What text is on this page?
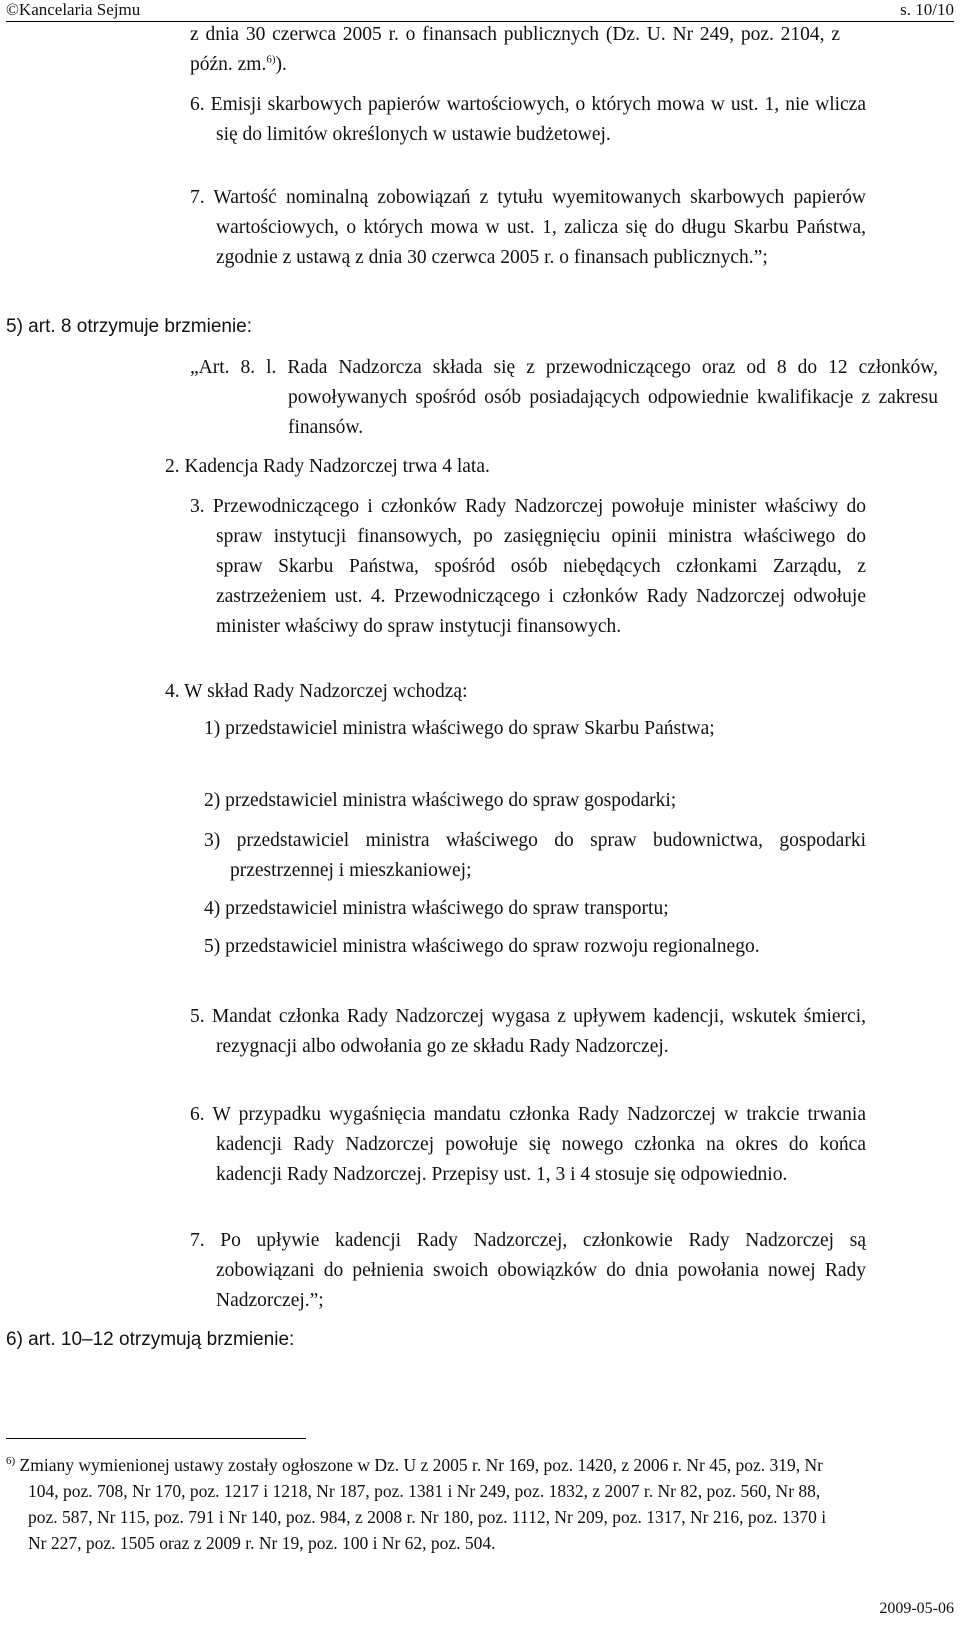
©Kancelaria Sejmu	s. 10/10
z dnia 30 czerwca 2005 r. o finansach publicznych (Dz. U. Nr 249, poz. 2104, z późn. zm.$^{6)}$).
6. Emisji skarbowych papierów wartościowych, o których mowa w ust. 1, nie wlicza się do limitów określonych w ustawie budżetowej.
7. Wartość nominalną zobowiązań z tytułu wyemitowanych skarbowych papierów wartościowych, o których mowa w ust. 1, zalicza się do długu Skarbu Państwa, zgodnie z ustawą z dnia 30 czerwca 2005 r. o finansach publicznych.”;
5) art. 8 otrzymuje brzmienie:
„Art. 8. l. Rada Nadzorcza składa się z przewodniczącego oraz od 8 do 12 członków, powoływanych spośród osób posiadających odpowiednie kwalifikacje z zakresu finansów.
2. Kadencja Rady Nadzorczej trwa 4 lata.
3. Przewodniczącego i członków Rady Nadzorczej powołuje minister właściwy do spraw instytucji finansowych, po zasięgnięciu opinii ministra właściwego do spraw Skarbu Państwa, spośród osób niebędących członkami Zarządu, z zastrzeżeniem ust. 4. Przewodniczącego i członków Rady Nadzorczej odwołuje minister właściwy do spraw instytucji finansowych.
4. W skład Rady Nadzorczej wchodzą:
1) przedstawiciel ministra właściwego do spraw Skarbu Państwa;
2) przedstawiciel ministra właściwego do spraw gospodarki;
3) przedstawiciel ministra właściwego do spraw budownictwa, gospodarki przestrzennej i mieszkaniowej;
4) przedstawiciel ministra właściwego do spraw transportu;
5) przedstawiciel ministra właściwego do spraw rozwoju regionalnego.
5. Mandat członka Rady Nadzorczej wygasa z upływem kadencji, wskutek śmierci, rezygnacji albo odwołania go ze składu Rady Nadzorczej.
6. W przypadku wygaśnięcia mandatu członka Rady Nadzorczej w trakcie trwania kadencji Rady Nadzorczej powołuje się nowego członka na okres do końca kadencji Rady Nadzorczej. Przepisy ust. 1, 3 i 4 stosuje się odpowiednio.
7. Po upływie kadencji Rady Nadzorczej, członkowie Rady Nadzorczej są zobowiązani do pełnienia swoich obowiązków do dnia powołania nowej Rady Nadzorczej.”;
6) art. 10–12 otrzymują brzmienie:
$^{6)}$ Zmiany wymienionej ustawy zostały ogłoszone w Dz. U z 2005 r. Nr 169, poz. 1420, z 2006 r. Nr 45, poz. 319, Nr 104, poz. 708, Nr 170, poz. 1217 i 1218, Nr 187, poz. 1381 i Nr 249, poz. 1832, z 2007 r. Nr 82, poz. 560, Nr 88, poz. 587, Nr 115, poz. 791 i Nr 140, poz. 984, z 2008 r. Nr 180, poz. 1112, Nr 209, poz. 1317, Nr 216, poz. 1370 i Nr 227, poz. 1505 oraz z 2009 r. Nr 19, poz. 100 i Nr 62, poz. 504.
2009-05-06
